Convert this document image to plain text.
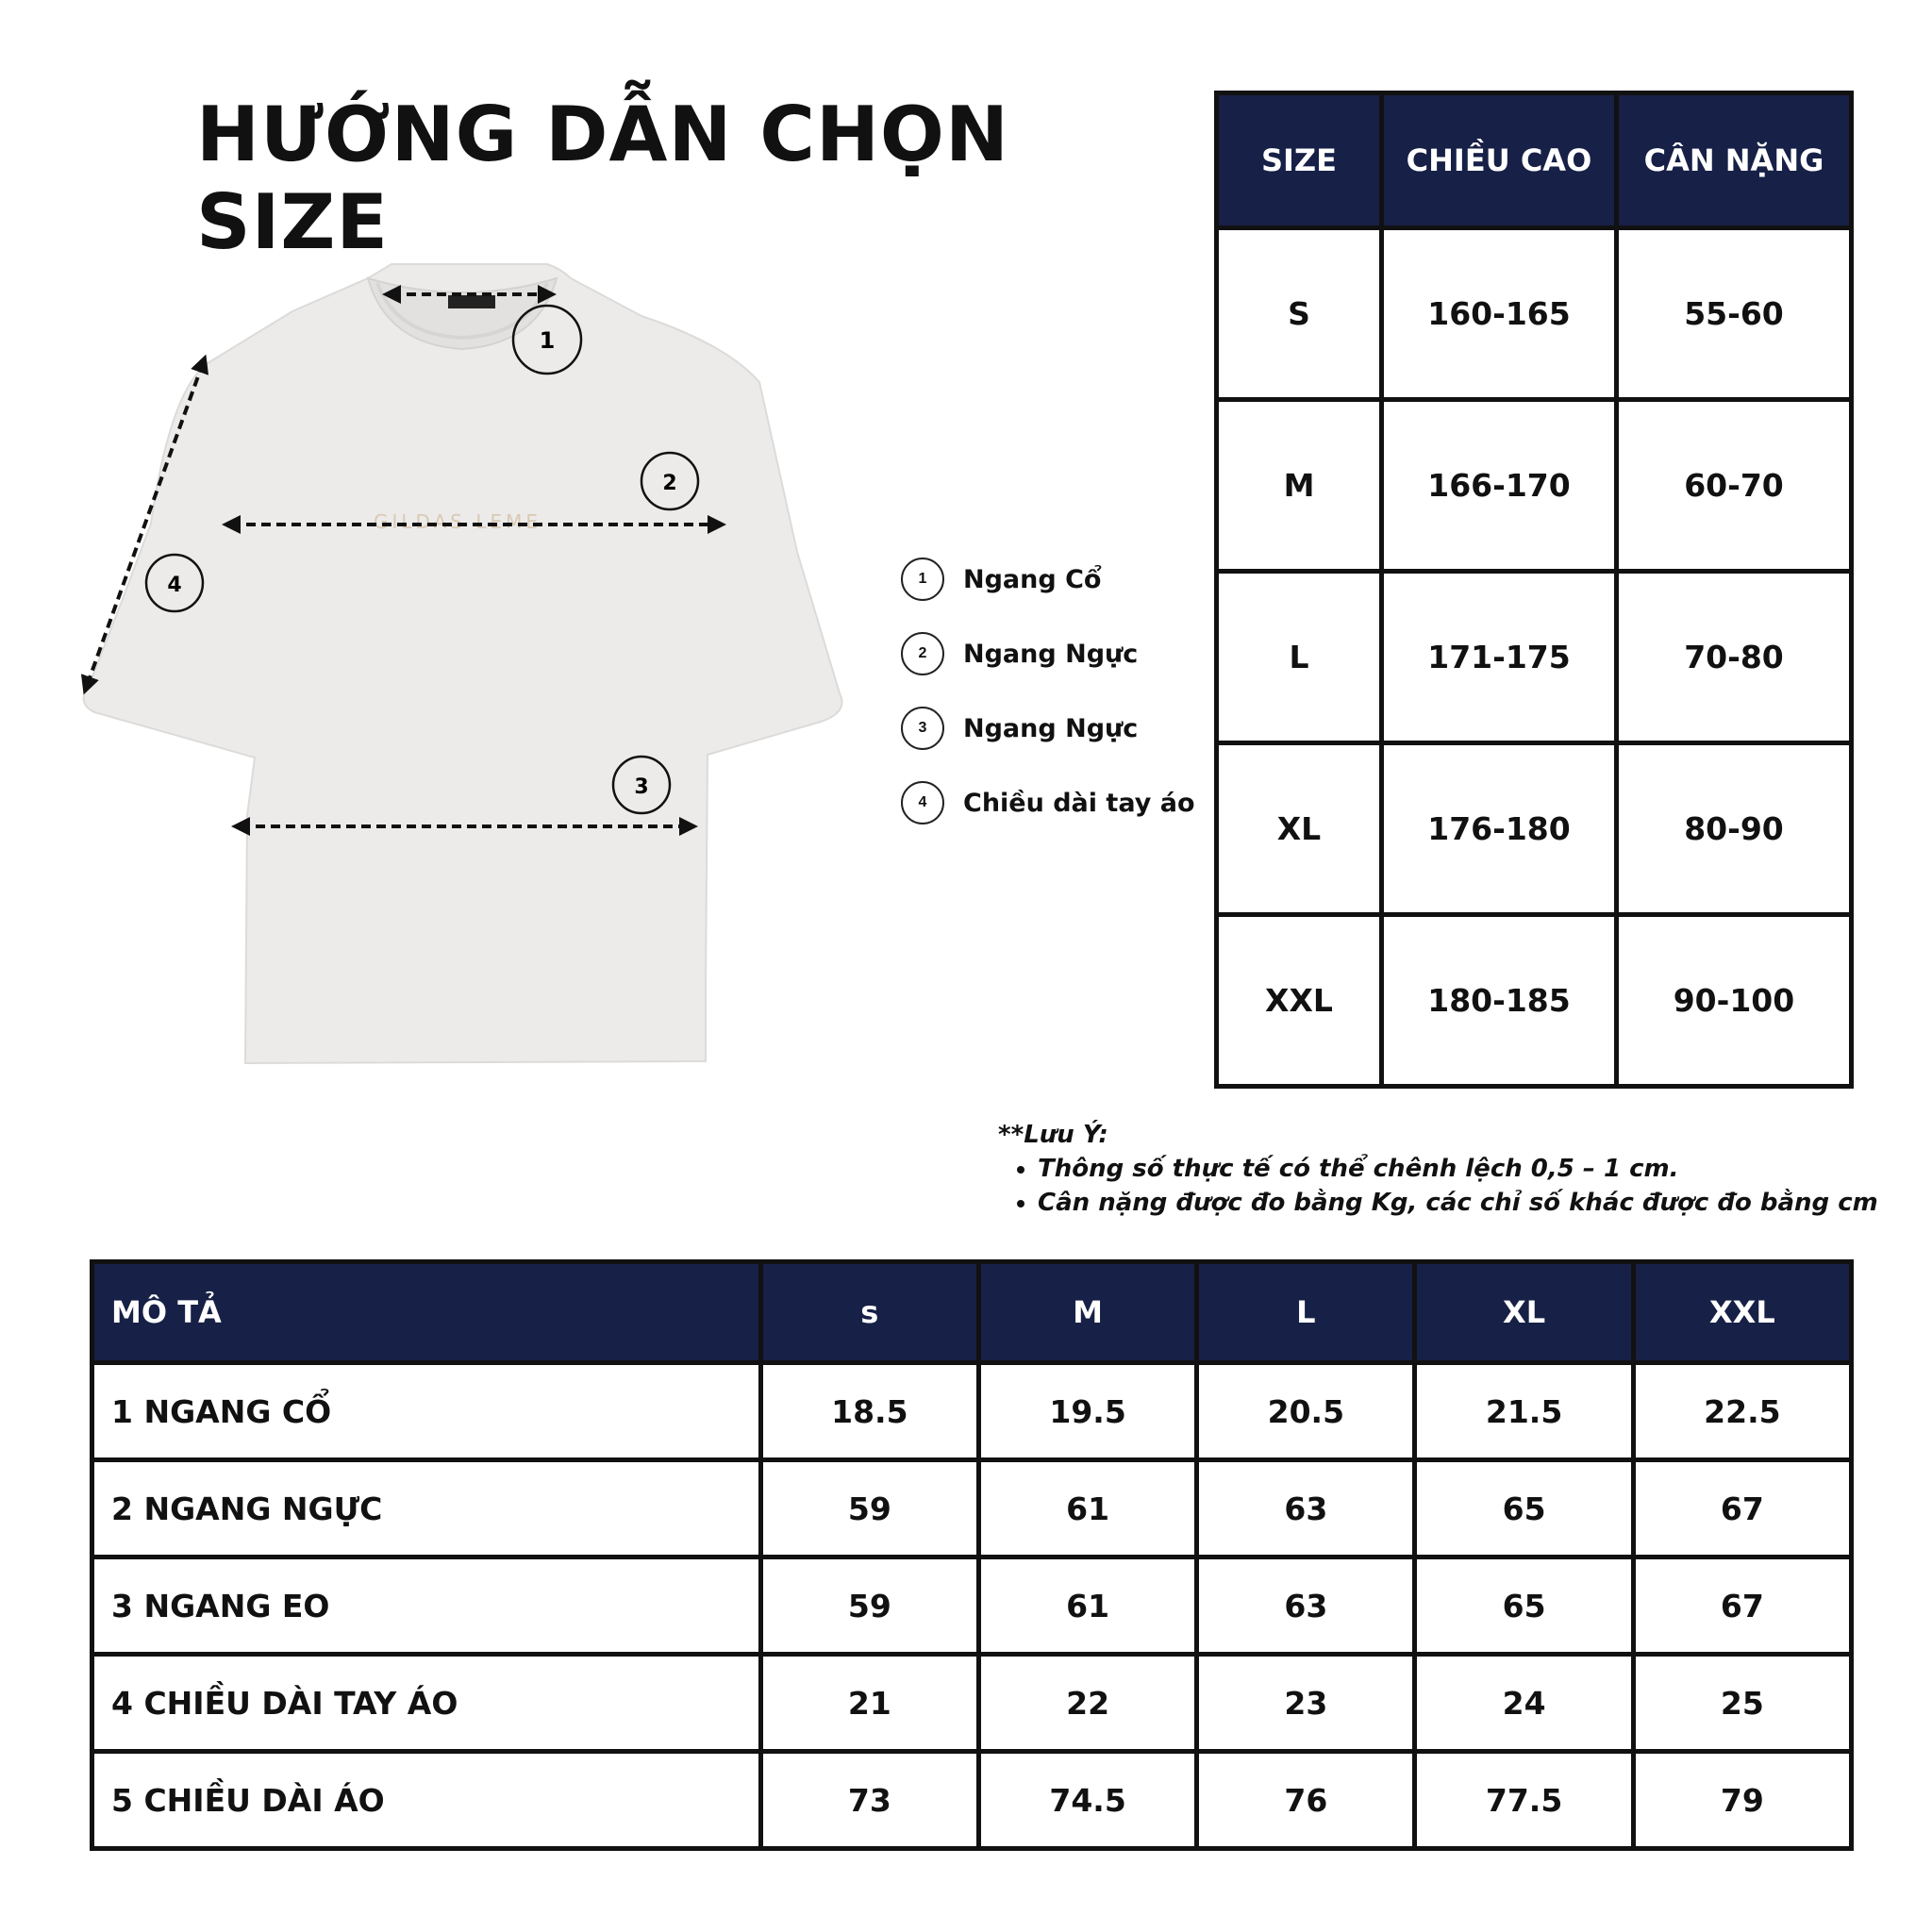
HƯỚNG DẪN CHỌN SIZE
GILDAS LEME
1
2
3
4	1	Ngang Cổ
2	Ngang Ngực
3	Ngang Ngực
4	Chiều dài tay áo
SIZE	CHIỀU CAO	CÂN NẶNG
S	160-165	55-60
M	166-170	60-70
L	171-175	70-80
XL	176-180	80-90
XXL	180-185	90-100
**Lưu Ý:
• Thông số thực tế có thể chênh lệch 0,5 – 1 cm.
• Cân nặng được đo bằng Kg, các chỉ số khác được đo bằng cm
MÔ TẢ	s	M	L	XL	XXL
1 NGANG CỔ	18.5	19.5	20.5	21.5	22.5
2 NGANG NGỰC	59	61	63	65	67
3 NGANG EO	59	61	63	65	67
4 CHIỀU DÀI TAY ÁO	21	22	23	24	25
5 CHIỀU DÀI ÁO	73	74.5	76	77.5	79
